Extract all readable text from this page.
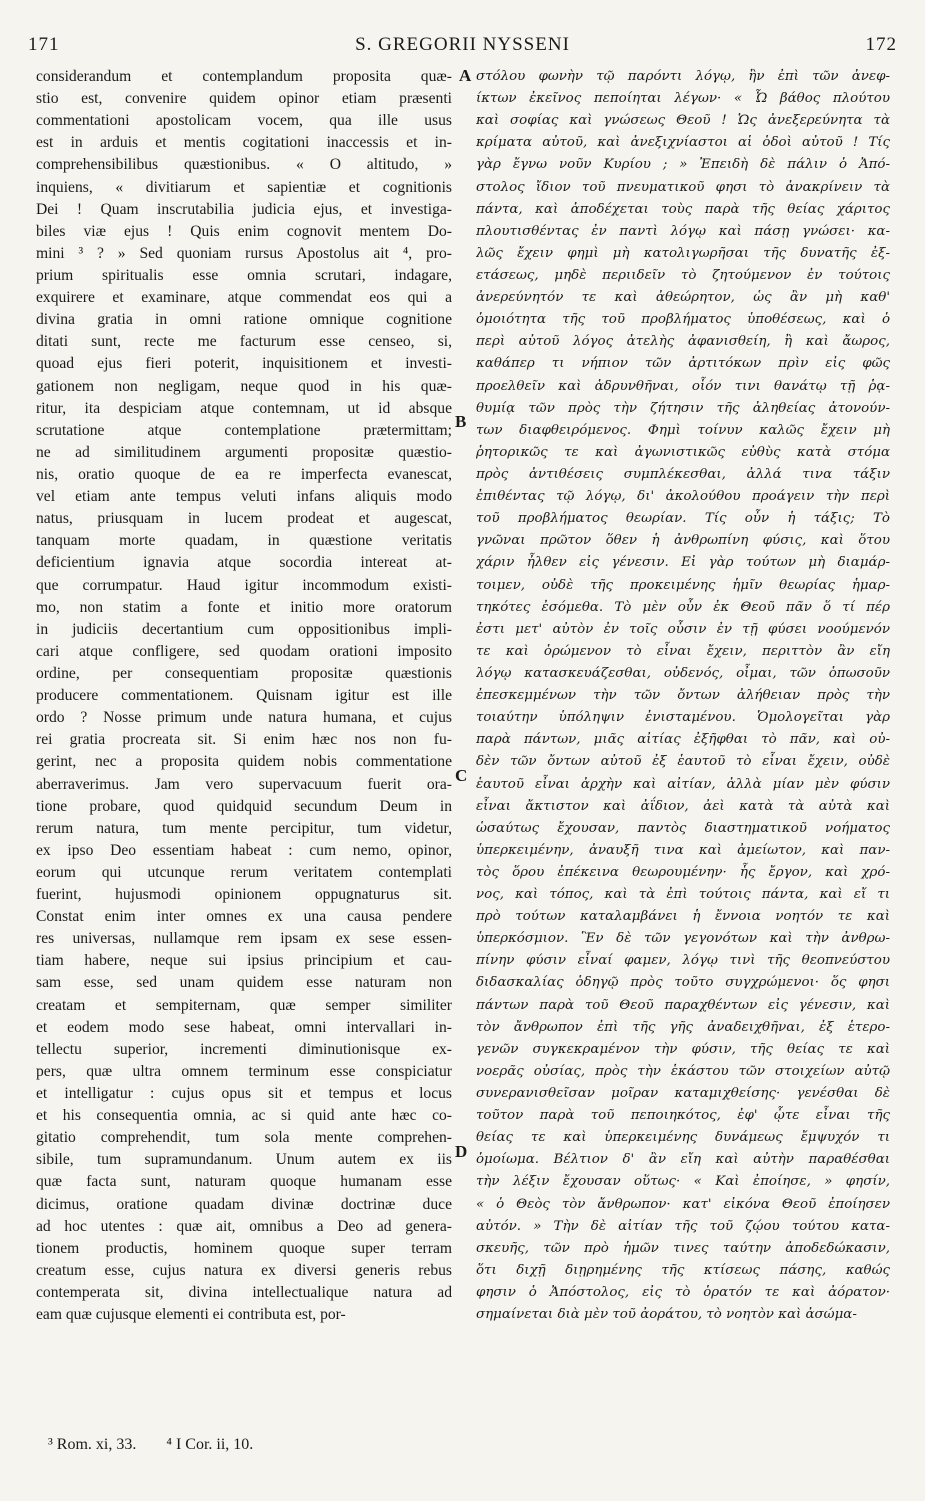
171	S. GREGORII NYSSENI	172
considerandum et contemplandum proposita quæ-
stio est, convenire quidem opinor etiam præsenti
commentationi apostolicam vocem, qua ille usus
est in arduis et mentis cogitationi inaccessis et in-
comprehensibilibus quæstionibus. « O altitudo, »
inquiens, « divitiarum et sapientiæ et cognitionis
Dei ! Quam inscrutabilia judicia ejus, et investiga-
biles viæ ejus ! Quis enim cognovit mentem Do-
mini ³ ? » Sed quoniam rursus Apostolus ait ⁴, pro-
prium spiritualis esse omnia scrutari, indagare,
exquirere et examinare, atque commendat eos qui a
divina gratia in omni ratione omnique cognitione
ditati sunt, recte me facturum esse censeo, si,
quoad ejus fieri poterit, inquisitionem et investi-
gationem non negligam, neque quod in his quæ-
ritur, ita despiciam atque contemnam, ut id absque
scrutatione atque contemplatione prætermittam;
ne ad similitudinem argumenti propositæ quæstio-
nis, oratio quoque de ea re imperfecta evanescat,
vel etiam ante tempus veluti infans aliquis modo
natus, priusquam in lucem prodeat et augescat,
tanquam morte quadam, in quæstione veritatis
deficientium ignavia atque socordia intereat at-
que corrumpatur. Haud igitur incommodum existi-
mo, non statim a fonte et initio more oratorum
in judiciis decertantium cum oppositionibus impli-
cari atque confligere, sed quodam orationi imposito
ordine, per consequentiam propositæ quæstionis
producere commentationem. Quisnam igitur est ille
ordo ? Nosse primum unde natura humana, et cujus
rei gratia procreata sit. Si enim hæc nos non fu-
gerint, nec a proposita quidem nobis commentatione
aberraverimus. Jam vero supervacuum fuerit ora-
tione probare, quod quidquid secundum Deum in
rerum natura, tum mente percipitur, tum videtur,
ex ipso Deo essentiam habeat : cum nemo, opinor,
eorum qui utcunque rerum veritatem contemplati
fuerint, hujusmodi opinionem oppugnaturus sit.
Constat enim inter omnes ex una causa pendere
res universas, nullamque rem ipsam ex sese essen-
tiam habere, neque sui ipsius principium et cau-
sam esse, sed unam quidem esse naturam non
creatam et sempiternam, quæ semper similiter
et eodem modo sese habeat, omni intervallari in-
tellectu superior, incrementi diminutionisque ex-
pers, quæ ultra omnem terminum esse conspiciatur
et intelligatur : cujus opus sit et tempus et locus
et his consequentia omnia, ac si quid ante hæc co-
gitatio comprehendit, tum sola mente comprehen-
sibile, tum supramundanum. Unum autem ex iis
quæ facta sunt, naturam quoque humanam esse
dicimus, oratione quadam divinæ doctrinæ duce
ad hoc utentes : quæ ait, omnibus a Deo ad genera-
tionem productis, hominem quoque super terram
creatum esse, cujus natura ex diversi generis rebus
contemperata sit, divina intellectualique natura ad
eam quæ cujusque elementi ei contributa est, por-
στόλου φωνὴν τῷ παρόντι λόγῳ, ἣν ἐπὶ τῶν ἀνεφ-
ίκτων ἐκεῖνος πεποίηται λέγων· « Ὦ βάθος πλούτου
καὶ σοφίας καὶ γνώσεως Θεοῦ ! Ὡς ἀνεξερεύνητα τὰ
κρίματα αὐτοῦ, καὶ ἀνεξιχνίαστοι αἱ ὁδοὶ αὐτοῦ ! Τίς
γὰρ ἔγνω νοῦν Κυρίου ; » Ἐπειδὴ δὲ πάλιν ὁ Ἀπό-
στολος ἴδιον τοῦ πνευματικοῦ φησι τὸ ἀνακρίνειν τὰ
πάντα, καὶ ἀποδέχεται τοὺς παρὰ τῆς θείας χάριτος
πλουτισθέντας ἐν παντὶ λόγῳ καὶ πάσῃ γνώσει· κα-
λῶς ἔχειν φημὶ μὴ κατολιγωρῆσαι τῆς δυνατῆς ἐξ-
ετάσεως, μηδὲ περιιδεῖν τὸ ζητούμενον ἐν τούτοις
ἀνερεύνητόν τε καὶ ἀθεώρητον, ὡς ἂν μὴ καθ'
ὁμοιότητα τῆς τοῦ προβλήματος ὑποθέσεως, καὶ ὁ
περὶ αὐτοῦ λόγος ἀτελὴς ἀφανισθείη, ἢ καὶ ἄωρος,
καθάπερ τι νήπιον τῶν ἀρτιτόκων πρὶν εἰς φῶς
προελθεῖν καὶ ἁδρυνθῆναι, οἷόν τινι θανάτῳ τῇ ῥᾳ-
θυμίᾳ τῶν πρὸς τὴν ζήτησιν τῆς ἀληθείας ἀτονούν-
των διαφθειρόμενος. Φημὶ τοίνυν καλῶς ἔχειν μὴ
ῥητορικῶς τε καὶ ἀγωνιστικῶς εὐθὺς κατὰ στόμα
πρὸς ἀντιθέσεις συμπλέκεσθαι, ἀλλά τινα τάξιν
ἐπιθέντας τῷ λόγῳ, δι' ἀκολούθου προάγειν τὴν περὶ
τοῦ προβλήματος θεωρίαν. Τίς οὖν ἡ τάξις; Τὸ
γνῶναι πρῶτον ὅθεν ἡ ἀνθρωπίνη φύσις, καὶ ὅτου
χάριν ἦλθεν εἰς γένεσιν. Εἰ γὰρ τούτων μὴ διαμάρ-
τοιμεν, οὐδὲ τῆς προκειμένης ἡμῖν θεωρίας ἡμαρ-
τηκότες ἐσόμεθα. Τὸ μὲν οὖν ἐκ Θεοῦ πᾶν ὅ τί πέρ
ἐστι μετ' αὐτὸν ἐν τοῖς οὖσιν ἐν τῇ φύσει νοούμενόν
τε καὶ ὁρώμενον τὸ εἶναι ἔχειν, περιττὸν ἂν εἴη
λόγῳ κατασκευάζεσθαι, οὐδενός, οἶμαι, τῶν ὁπωσοῦν
ἐπεσκεμμένων τὴν τῶν ὄντων ἀλήθειαν πρὸς τὴν
τοιαύτην ὑπόληψιν ἐνισταμένου. Ὁμολογεῖται γὰρ
παρὰ πάντων, μιᾶς αἰτίας ἐξῆφθαι τὸ πᾶν, καὶ οὐ-
δὲν τῶν ὄντων αὐτοῦ ἐξ ἑαυτοῦ τὸ εἶναι ἔχειν, οὐδὲ
ἑαυτοῦ εἶναι ἀρχὴν καὶ αἰτίαν, ἀλλὰ μίαν μὲν φύσιν
εἶναι ἄκτιστον καὶ ἀΐδιον, ἀεὶ κατὰ τὰ αὐτὰ καὶ
ὡσαύτως ἔχουσαν, παντὸς διαστηματικοῦ νοήματος
ὑπερκειμένην, ἀναυξῆ τινα καὶ ἀμείωτον, καὶ παν-
τὸς ὅρου ἐπέκεινα θεωρουμένην· ἧς ἔργον, καὶ χρό-
νος, καὶ τόπος, καὶ τὰ ἐπὶ τούτοις πάντα, καὶ εἴ τι
πρὸ τούτων καταλαμβάνει ἡ ἔννοια νοητόν τε καὶ
ὑπερκόσμιον. Ἓν δὲ τῶν γεγονότων καὶ τὴν ἀνθρω-
πίνην φύσιν εἶναί φαμεν, λόγῳ τινὶ τῆς θεοπνεύστου
διδασκαλίας ὁδηγῷ πρὸς τοῦτο συγχρώμενοι· ὅς φησι
πάντων παρὰ τοῦ Θεοῦ παραχθέντων εἰς γένεσιν, καὶ
τὸν ἄνθρωπον ἐπὶ τῆς γῆς ἀναδειχθῆναι, ἐξ ἑτερο-
γενῶν συγκεκραμένον τὴν φύσιν, τῆς θείας τε καὶ
νοερᾶς οὐσίας, πρὸς τὴν ἑκάστου τῶν στοιχείων αὐτῷ
συνερανισθεῖσαν μοῖραν καταμιχθείσης· γενέσθαι δὲ
τοῦτον παρὰ τοῦ πεποιηκότος, ἐφ' ᾧτε εἶναι τῆς
θείας τε καὶ ὑπερκειμένης δυνάμεως ἔμψυχόν τι
ὁμοίωμα. Βέλτιον δ' ἂν εἴη καὶ αὐτὴν παραθέσθαι
τὴν λέξιν ἔχουσαν οὕτως· « Καὶ ἐποίησε, » φησίν,
« ὁ Θεὸς τὸν ἄνθρωπον· κατ' εἰκόνα Θεοῦ ἐποίησεν
αὐτόν. » Τὴν δὲ αἰτίαν τῆς τοῦ ζῴου τούτου κατα-
σκευῆς, τῶν πρὸ ἡμῶν τινες ταύτην ἀποδεδώκασιν,
ὅτι διχῇ διῃρημένης τῆς κτίσεως πάσης, καθώς
φησιν ὁ Ἀπόστολος, εἰς τὸ ὁρατόν τε καὶ ἀόρατον·
σημαίνεται διὰ μὲν τοῦ ἀοράτου, τὸ νοητὸν καὶ ἀσώμα-
A
B
C
D
³ Rom. xi, 33. ⁴ I Cor. ii, 10.
